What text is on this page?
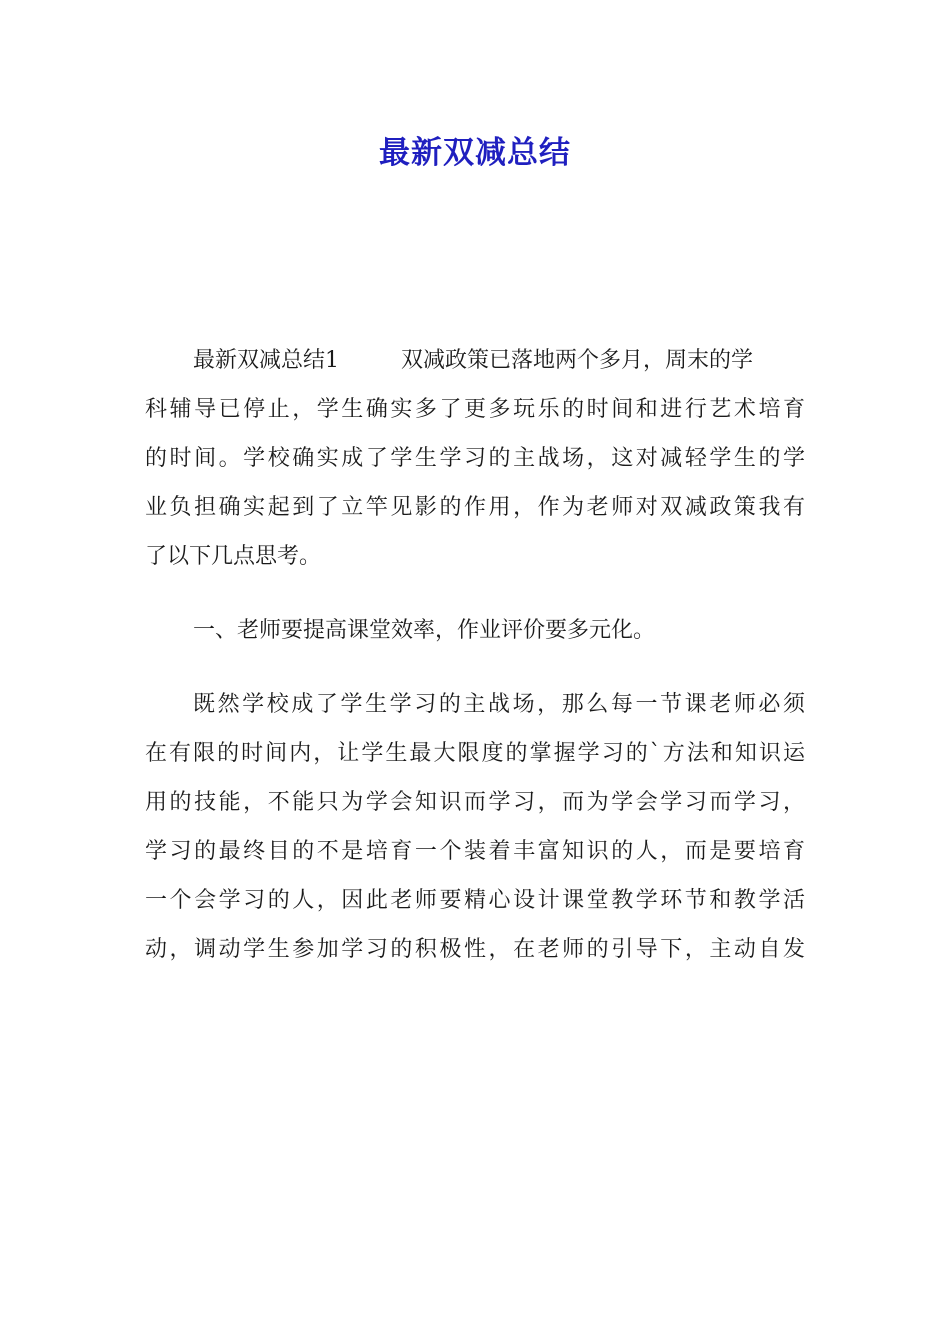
最新双减总结
最新双减总结1	双减政策已落地两个多月，周末的学
科辅导已停止，学生确实多了更多玩乐的时间和进行艺术培育
的时间。学校确实成了学生学习的主战场，这对减轻学生的学
业负担确实起到了立竿见影的作用，作为老师对双减政策我有
了以下几点思考。
一、老师要提高课堂效率，作业评价要多元化。
既然学校成了学生学习的主战场，那么每一节课老师必须
在有限的时间内，让学生最大限度的掌握学习的`方法和知识运
用的技能，不能只为学会知识而学习，而为学会学习而学习，
学习的最终目的不是培育一个装着丰富知识的人，而是要培育
一个会学习的人，因此老师要精心设计课堂教学环节和教学活
动，调动学生参加学习的积极性，在老师的引导下，主动自发
